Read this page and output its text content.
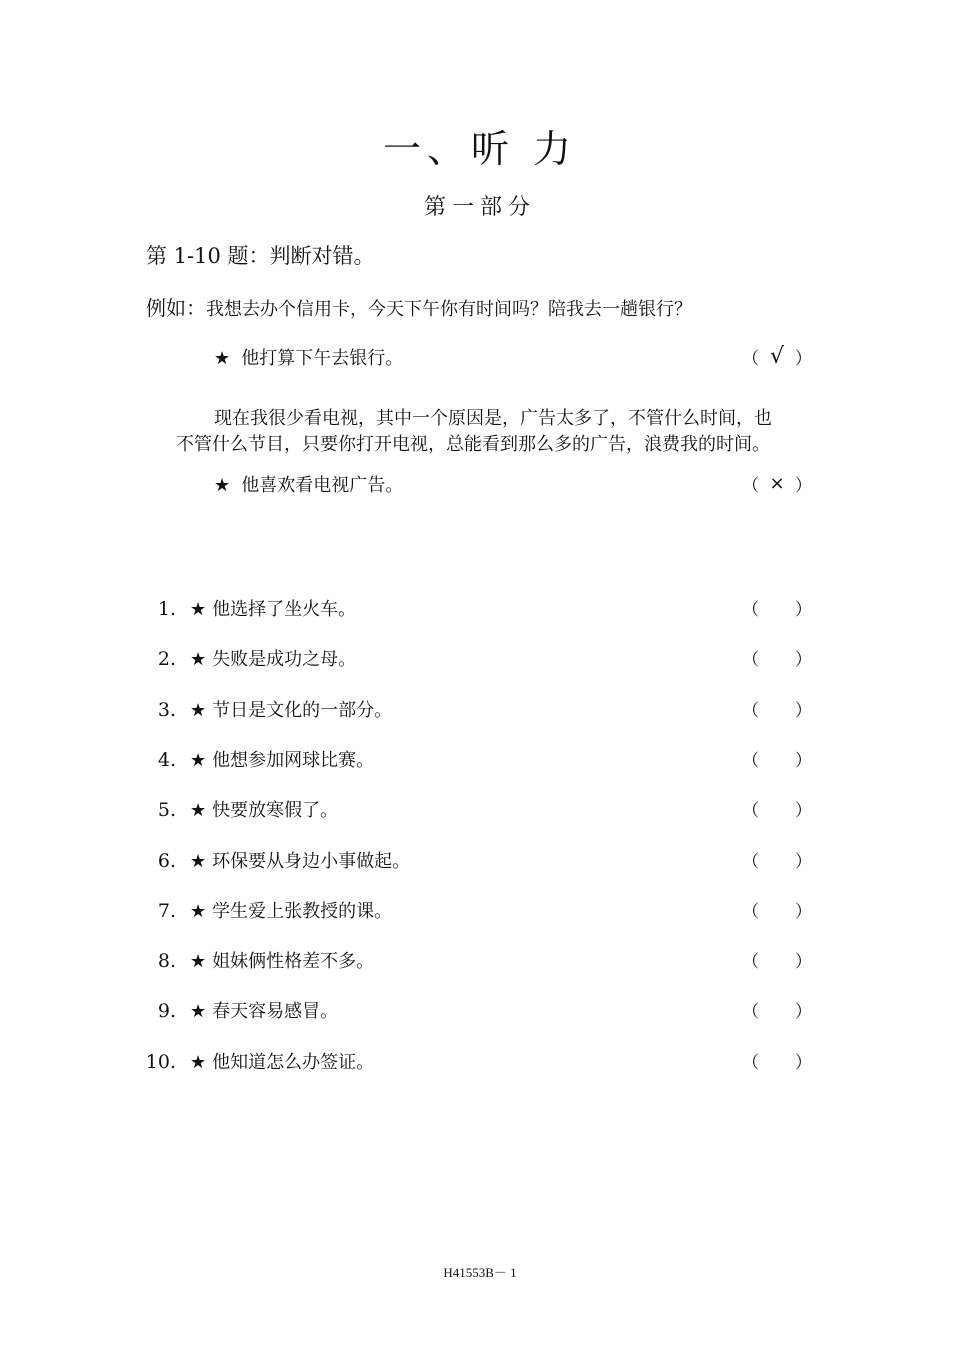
一、听 力
第一部分
第 1-10 题：判断对错。
例如：我想去办个信用卡，今天下午你有时间吗？陪我去一趟银行？
★ 他打算下午去银行。	（ √ ）
现在我很少看电视，其中一个原因是，广告太多了，不管什么时间，也
不管什么节目，只要你打开电视，总能看到那么多的广告，浪费我的时间。
★ 他喜欢看电视广告。	（ × ）
1. ★ 他选择了坐火车。	（ ）
2. ★ 失败是成功之母。	（ ）
3. ★ 节日是文化的一部分。	（ ）
4. ★ 他想参加网球比赛。	（ ）
5. ★ 快要放寒假了。	（ ）
6. ★ 环保要从身边小事做起。	（ ）
7. ★ 学生爱上张教授的课。	（ ）
8. ★ 姐妹俩性格差不多。	（ ）
9. ★ 春天容易感冒。	（ ）
10. ★ 他知道怎么办签证。	（ ）
H41553B－ 1
